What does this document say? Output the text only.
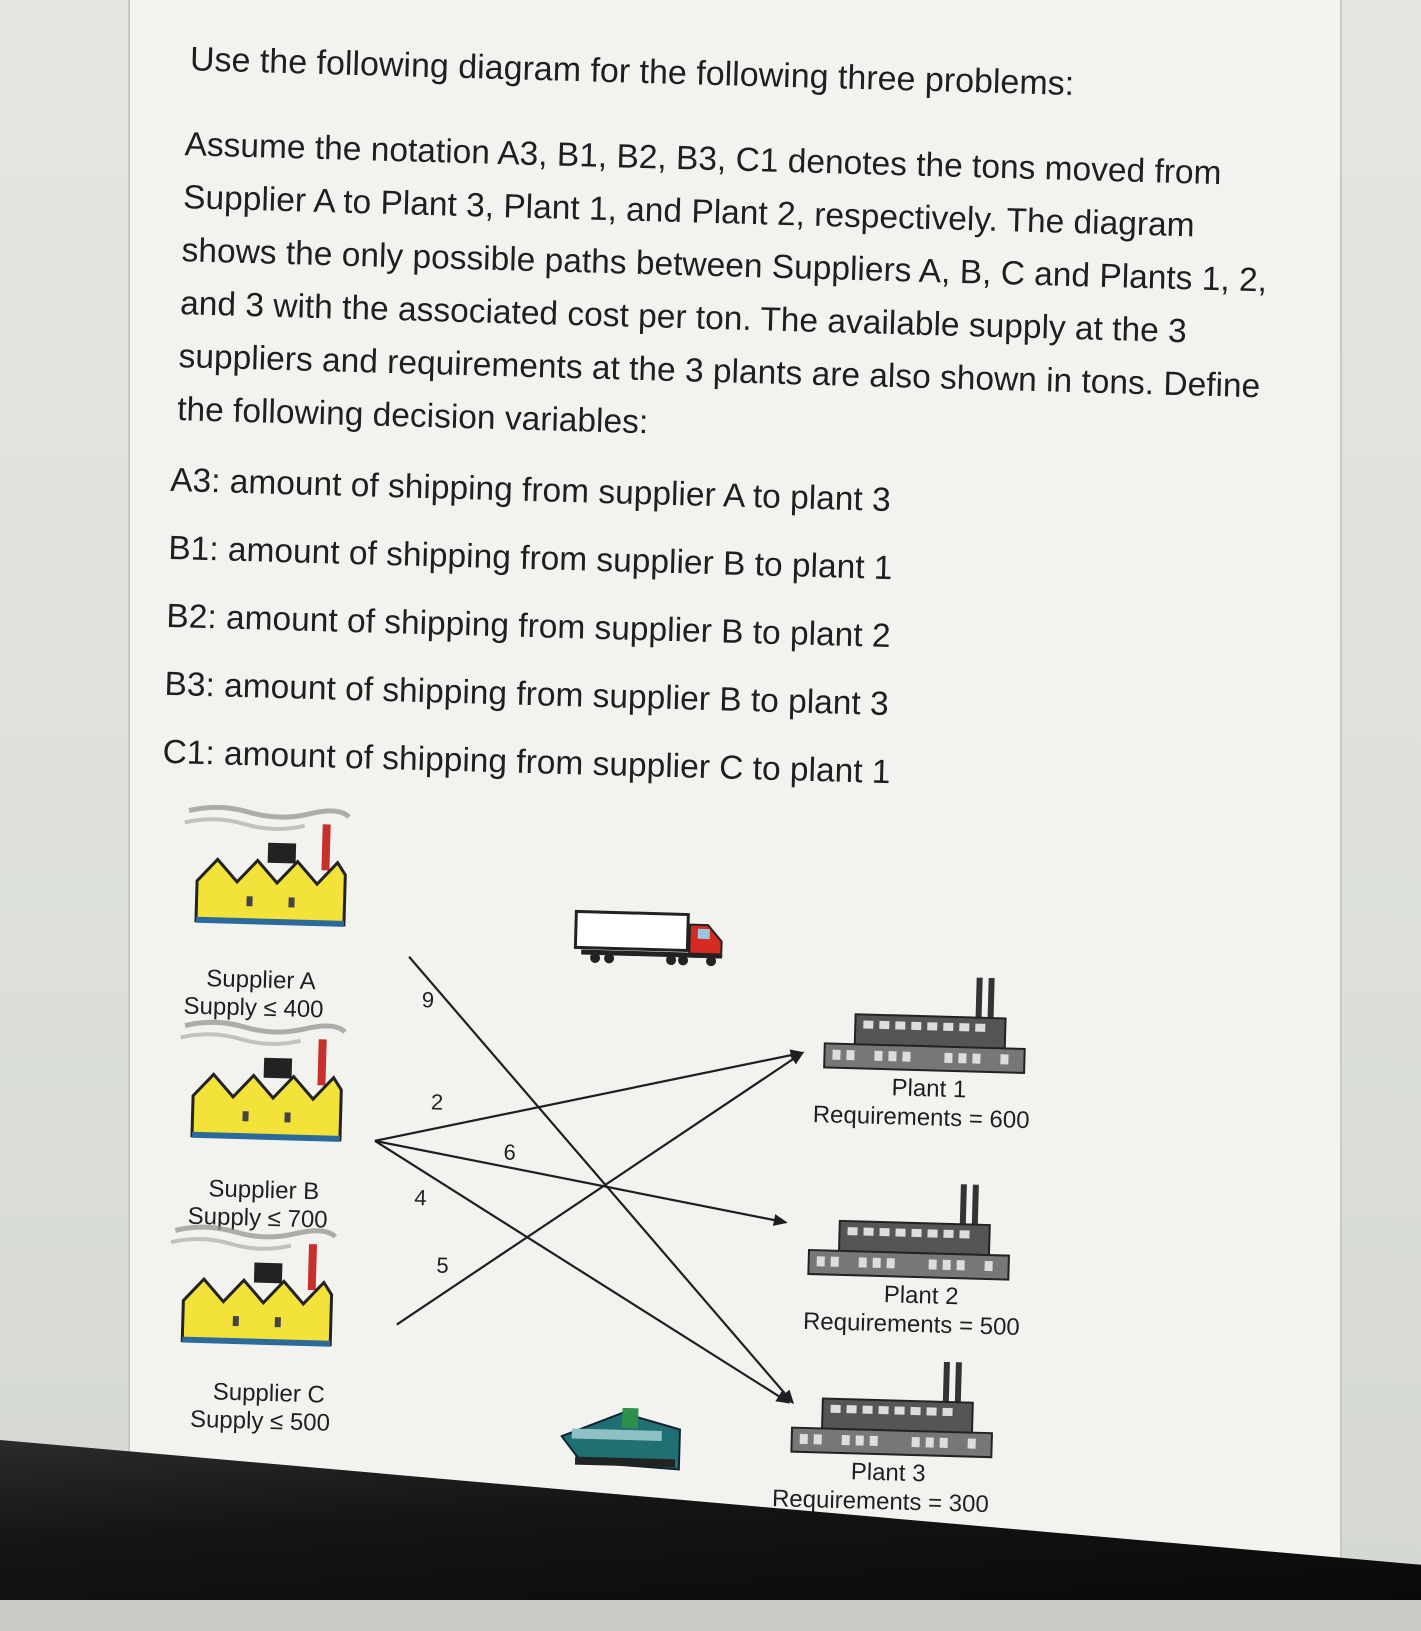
Use the following diagram for the following three problems:

Assume the notation A3, B1, B2, B3, C1 denotes the tons moved from Supplier A to Plant 3, Plant 1, and Plant 2, respectively. The diagram shows the only possible paths between Suppliers A, B, C and Plants 1, 2, and 3 with the associated cost per ton. The available supply at the 3 suppliers and requirements at the 3 plants are also shown in tons. Define the following decision variables:

A3: amount of shipping from supplier A to plant 3
B1: amount of shipping from supplier B to plant 1
B2: amount of shipping from supplier B to plant 2
B3: amount of shipping from supplier B to plant 3
C1: amount of shipping from supplier C to plant 1
Supplier A
Supply ≤ 400
Supplier B
Supply ≤ 700
Supplier C
Supply ≤ 500
Plant 1
Requirements = 600
Plant 2
Requirements = 500
Plant 3
Requirements = 300
9
2
4
6
5
